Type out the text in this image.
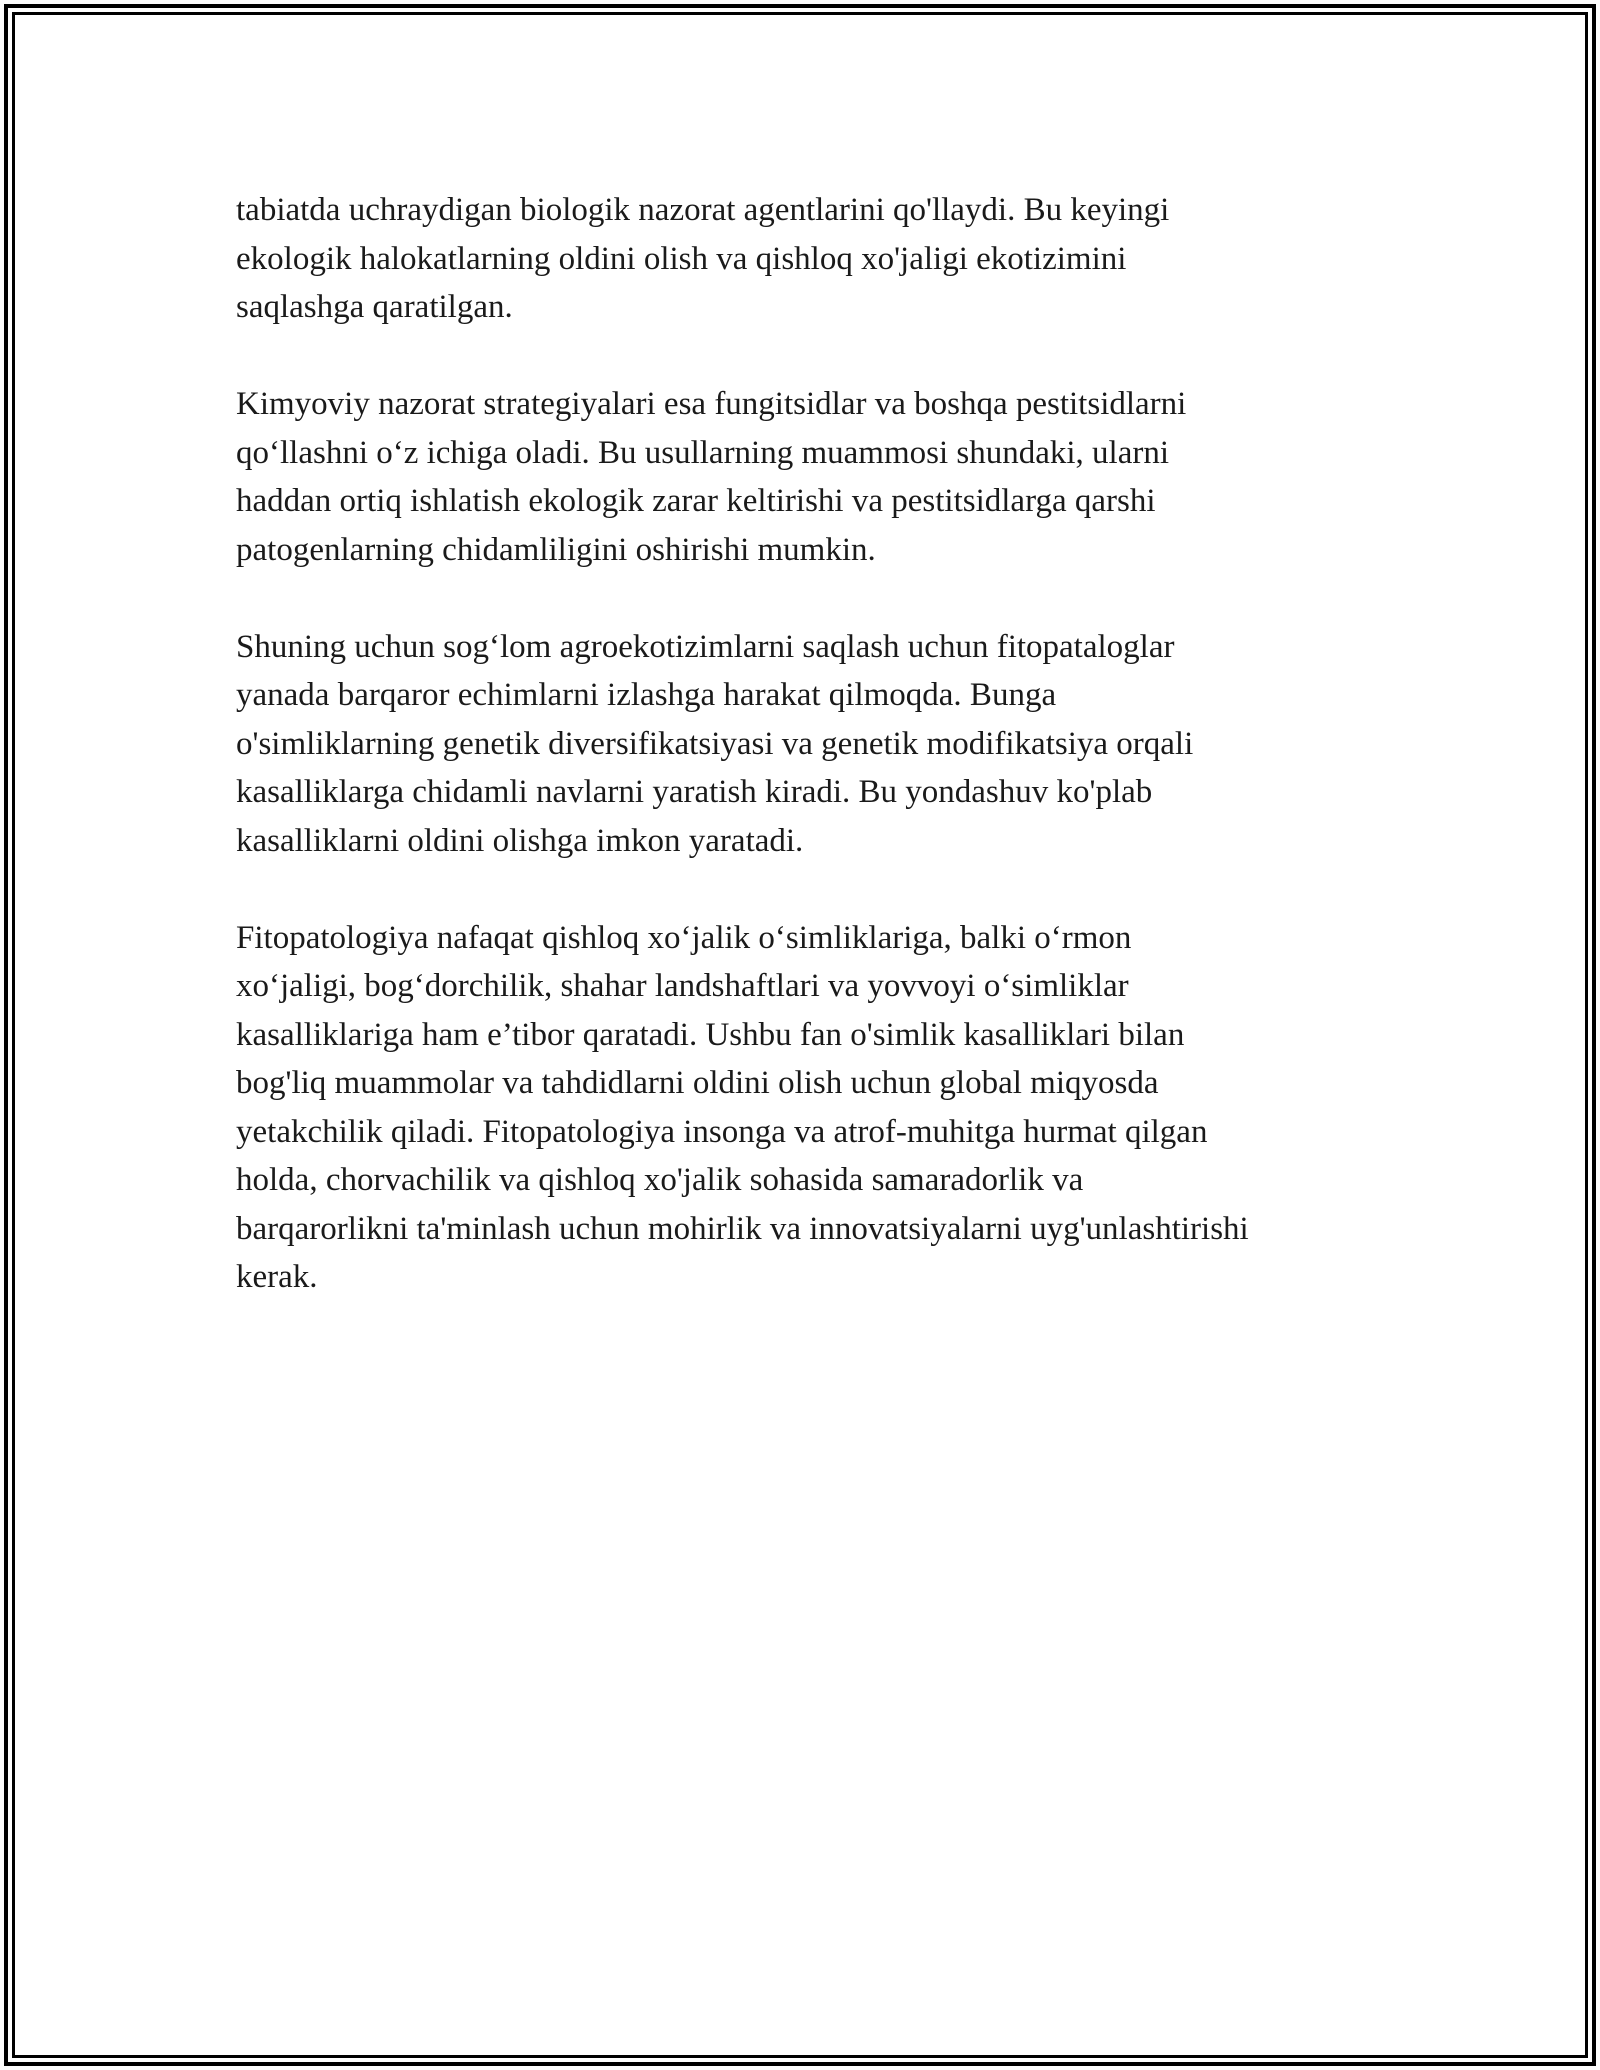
tabiatda uchraydigan biologik nazorat agentlarini qo'llaydi. Bu keyingi
ekologik halokatlarning oldini olish va qishloq xo'jaligi ekotizimini
saqlashga qaratilgan.

Kimyoviy nazorat strategiyalari esa fungitsidlar va boshqa pestitsidlarni
qo‘llashni o‘z ichiga oladi. Bu usullarning muammosi shundaki, ularni
haddan ortiq ishlatish ekologik zarar keltirishi va pestitsidlarga qarshi
patogenlarning chidamliligini oshirishi mumkin.

Shuning uchun sog‘lom agroekotizimlarni saqlash uchun fitopataloglar
yanada barqaror echimlarni izlashga harakat qilmoqda. Bunga
o'simliklarning genetik diversifikatsiyasi va genetik modifikatsiya orqali
kasalliklarga chidamli navlarni yaratish kiradi. Bu yondashuv ko'plab
kasalliklarni oldini olishga imkon yaratadi.

Fitopatologiya nafaqat qishloq xo‘jalik o‘simliklariga, balki o‘rmon
xo‘jaligi, bog‘dorchilik, shahar landshaftlari va yovvoyi o‘simliklar
kasalliklariga ham e’tibor qaratadi. Ushbu fan o'simlik kasalliklari bilan
bog'liq muammolar va tahdidlarni oldini olish uchun global miqyosda
yetakchilik qiladi. Fitopatologiya insonga va atrof-muhitga hurmat qilgan
holda, chorvachilik va qishloq xo'jalik sohasida samaradorlik va
barqarorlikni ta'minlash uchun mohirlik va innovatsiyalarni uyg'unlashtirishi
kerak.
